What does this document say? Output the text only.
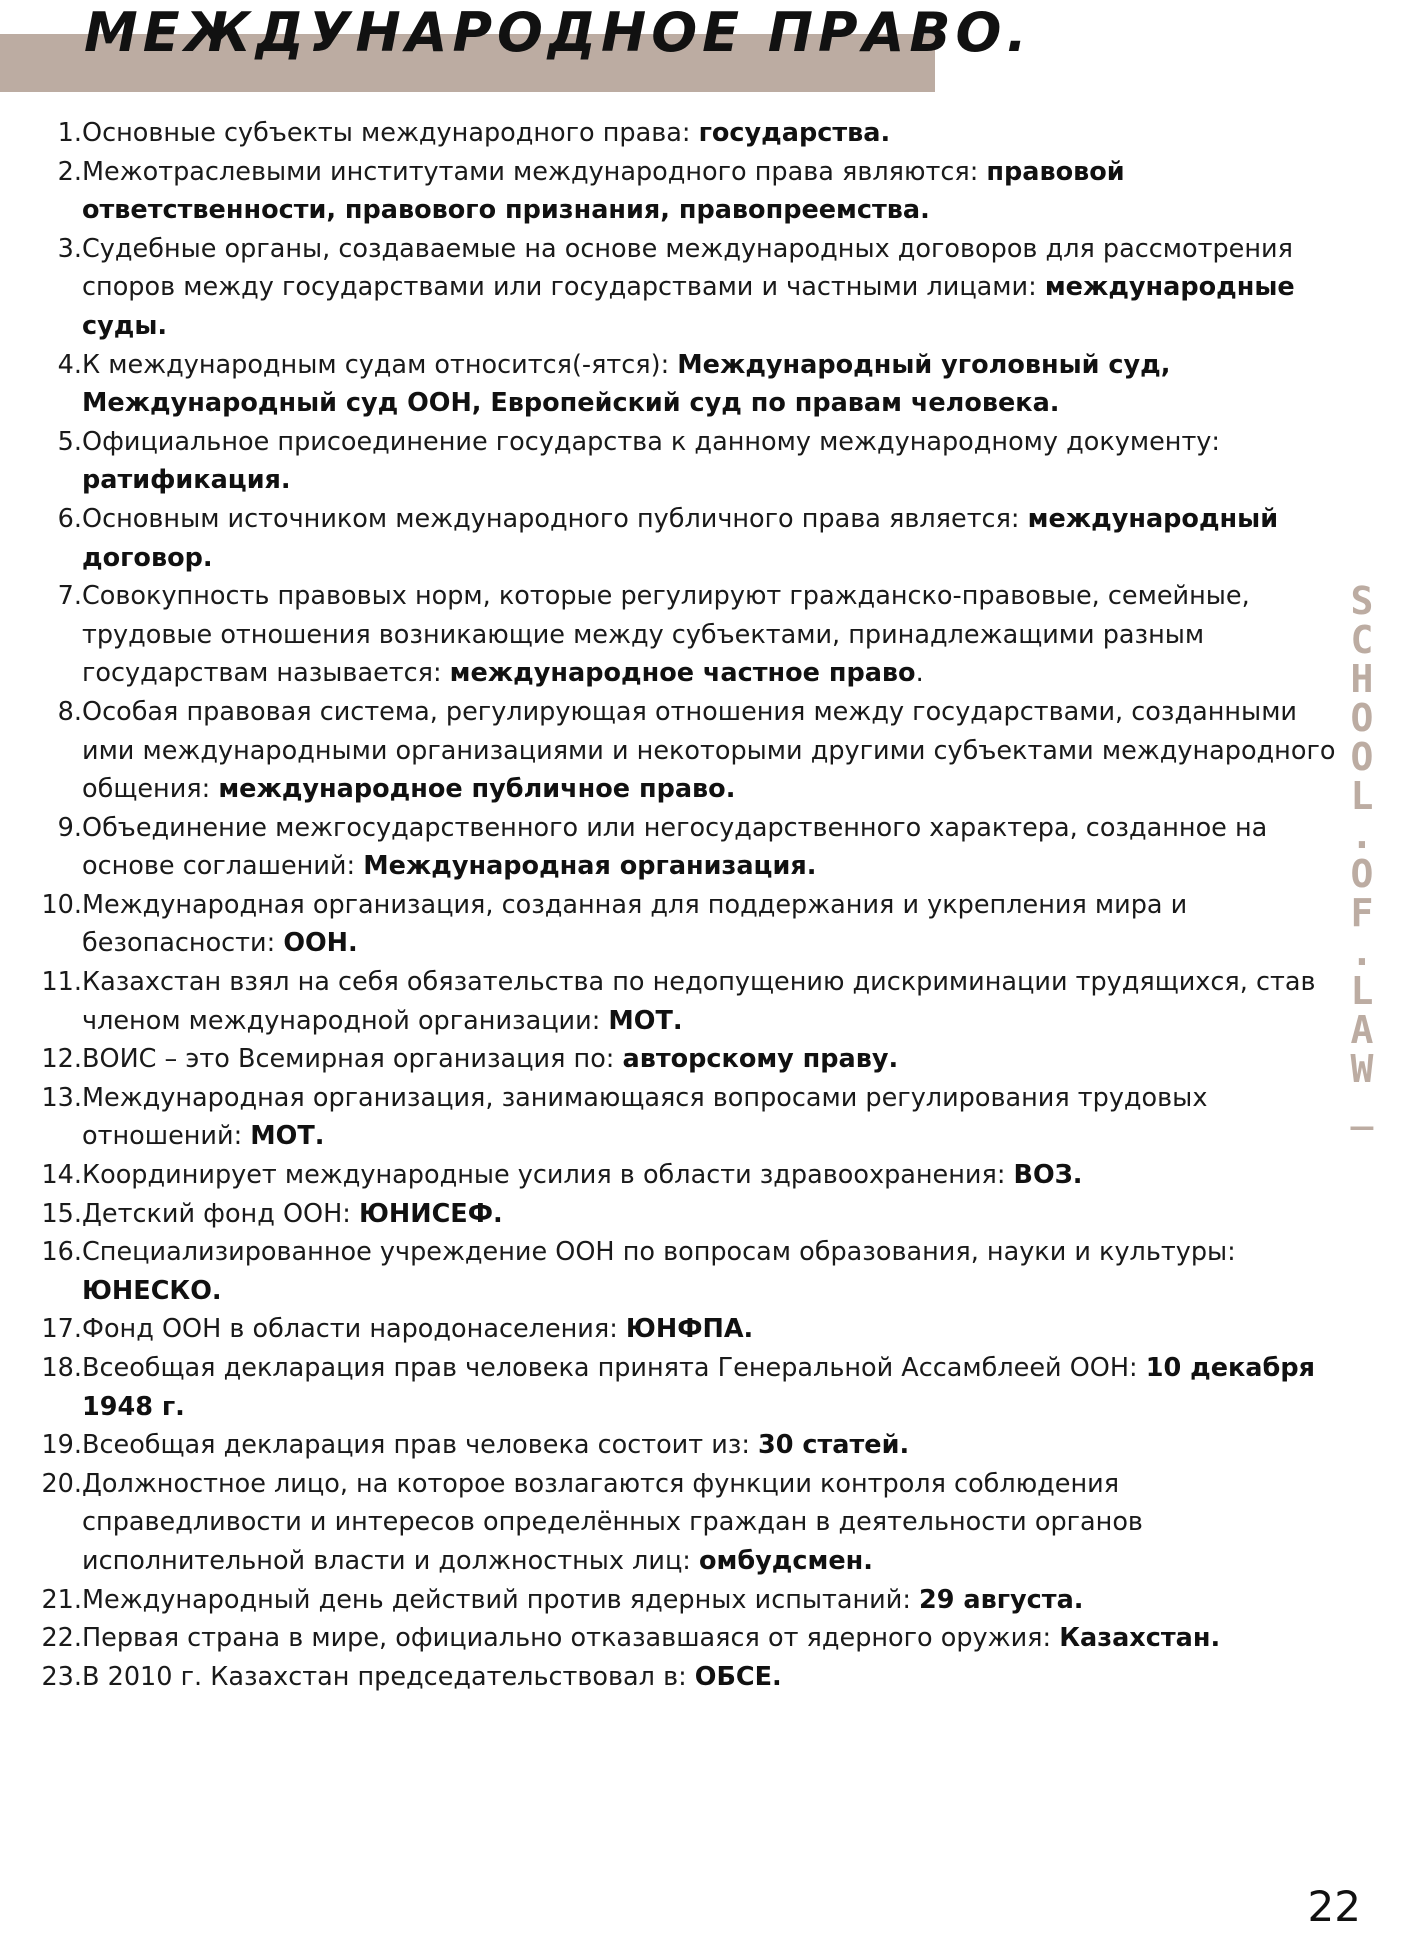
МЕЖДУНАРОДНОЕ ПРАВО.
1. Основные субъекты международного права: государства.
2. Межотраслевыми институтами международного права являются: правовой ответственности, правового признания, правопреемства.
3. Судебные органы, создаваемые на основе международных договоров для рассмотрения споров между государствами или государствами и частными лицами: международные суды.
4. К международным судам относится(-ятся): Международный уголовный суд, Международный суд ООН, Европейский суд по правам человека.
5. Официальное присоединение государства к данному международному документу: ратификация.
6. Основным источником международного публичного права является: международный договор.
7. Совокупность правовых норм, которые регулируют гражданско-правовые, семейные, трудовые отношения возникающие между субъектами, принадлежащими разным государствам называется: международное частное право.
8. Особая правовая система, регулирующая отношения между государствами, созданными ими международными организациями и некоторыми другими субъектами международного общения: международное публичное право.
9. Объединение межгосударственного или негосударственного характера, созданное на основе соглашений: Международная организация.
10. Международная организация, созданная для поддержания и укрепления мира и безопасности: ООН.
11. Казахстан взял на себя обязательства по недопущению дискриминации трудящихся, став членом международной организации: МОТ.
12. ВОИС – это Всемирная организация по: авторскому праву.
13. Международная организация, занимающаяся вопросами регулирования трудовых отношений: МОТ.
14. Координирует международные усилия в области здравоохранения: ВОЗ.
15. Детский фонд ООН: ЮНИСЕФ.
16. Специализированное учреждение ООН по вопросам образования, науки и культуры: ЮНЕСКО.
17. Фонд ООН в области народонаселения: ЮНФПА.
18. Всеобщая декларация прав человека принята Генеральной Ассамблеей ООН: 10 декабря 1948 г.
19. Всеобщая декларация прав человека состоит из: 30 статей.
20. Должностное лицо, на которое возлагаются функции контроля соблюдения справедливости и интересов определённых граждан в деятельности органов исполнительной власти и должностных лиц: омбудсмен.
21. Международный день действий против ядерных испытаний: 29 августа.
22. Первая страна в мире, официально отказавшаяся от ядерного оружия: Казахстан.
23. В 2010 г. Казахстан председательствовал в: ОБСЕ.
S
C
H
O
O
L
.
O
F
.
L
A
W
_
22
